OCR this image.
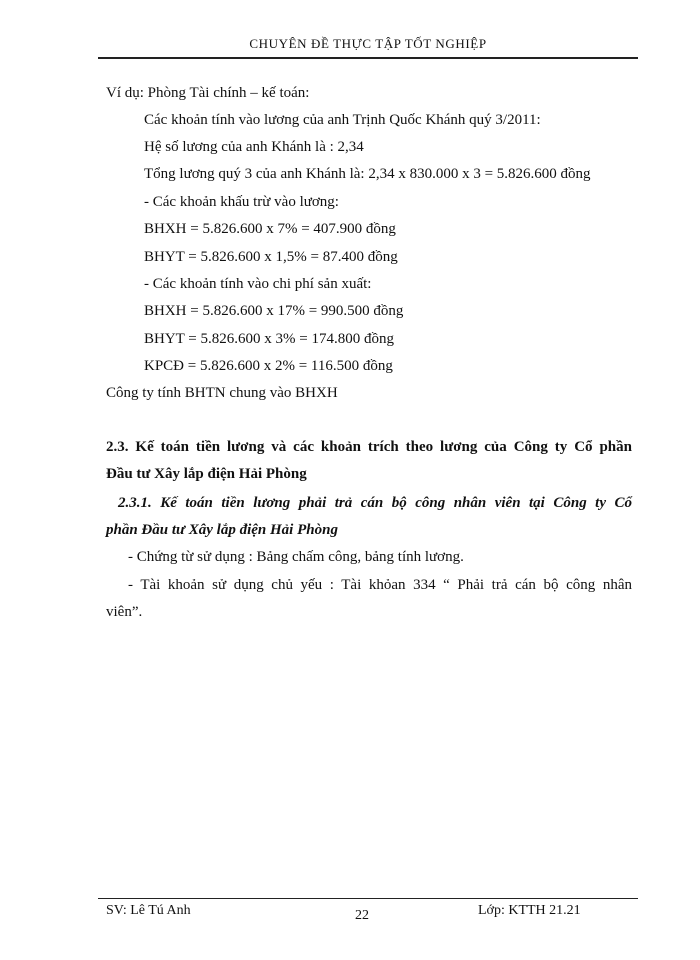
CHUYÊN ĐỀ THỰC TẬP TỐT NGHIỆP
Ví dụ: Phòng Tài chính – kế toán:
Các khoản tính vào lương của anh Trịnh Quốc Khánh quý 3/2011:
Hệ số lương của anh Khánh là : 2,34
Tổng lương quý 3 của anh Khánh là: 2,34 x 830.000 x 3 = 5.826.600 đồng
- Các khoản khấu trừ vào lương:
BHXH = 5.826.600 x 7% = 407.900 đồng
BHYT = 5.826.600 x 1,5% = 87.400 đồng
- Các khoản tính vào chi phí sản xuất:
BHXH = 5.826.600 x 17% = 990.500 đồng
BHYT = 5.826.600 x 3% = 174.800 đồng
KPCĐ = 5.826.600 x 2% = 116.500 đồng
Công ty tính BHTN chung vào BHXH
2.3. Kế toán tiền lương và các khoản trích theo lương của Công ty Cổ phần
Đầu tư Xây lắp điện Hải Phòng
2.3.1. Kế toán tiền lương phải trả cán bộ công nhân viên tại Công ty Cổ
phần Đầu tư Xây lắp điện Hải Phòng
- Chứng từ sử dụng : Bảng chấm công, bảng tính lương.
- Tài khoản sử dụng chủ yếu : Tài khỏan 334 “ Phải trả cán bộ công nhân
viên”.
SV: Lê Tú Anh	22	Lớp: KTTH 21.21
